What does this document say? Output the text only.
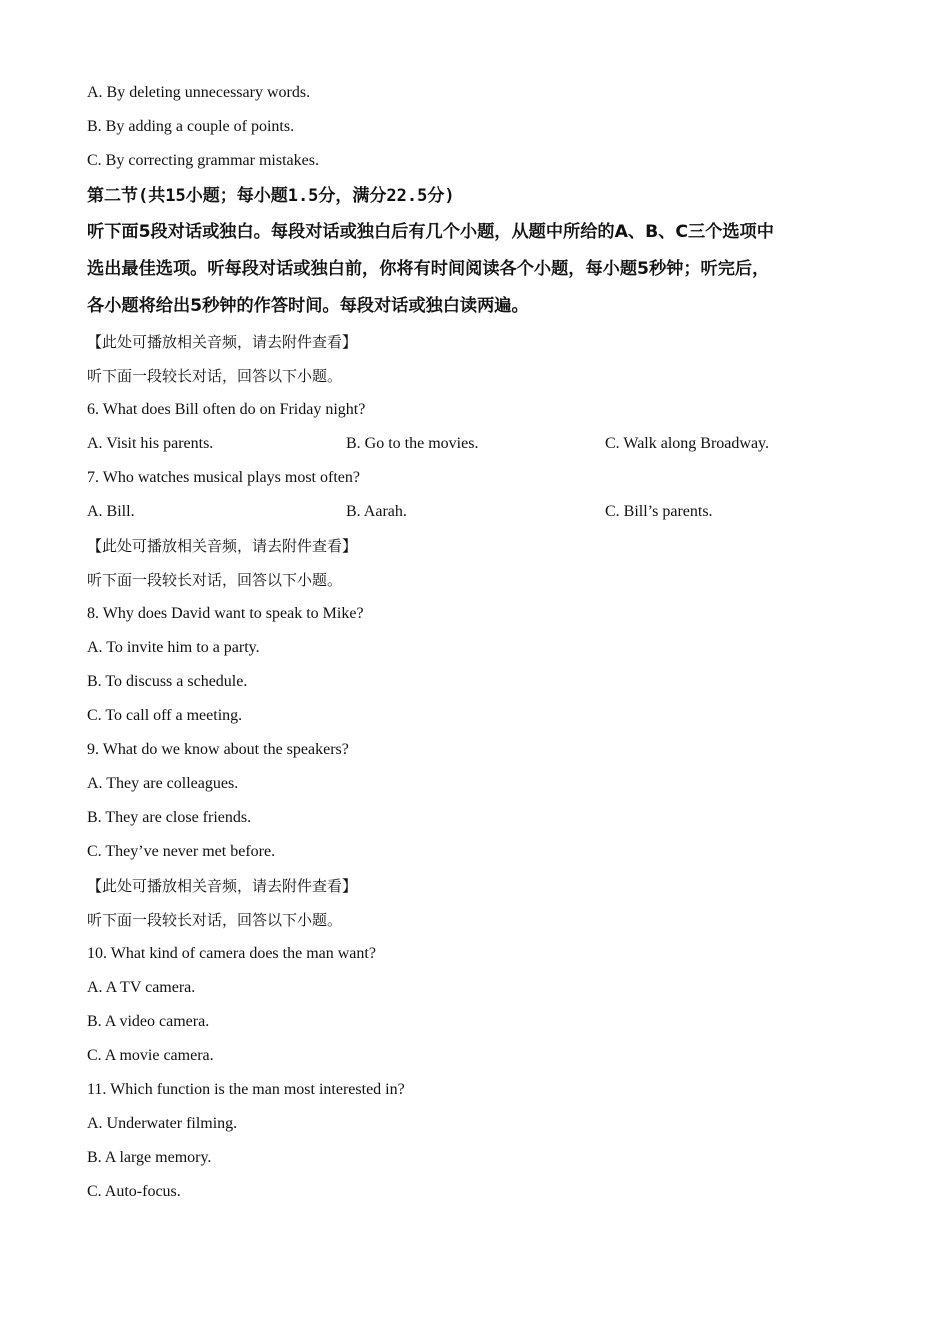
A. By deleting unnecessary words.
B. By adding a couple of points.
C. By correcting grammar mistakes.
第二节(共15小题；每小题1.5分，满分22.5分)
听下面5段对话或独白。每段对话或独白后有几个小题，从题中所给的A、B、C三个选项中
选出最佳选项。听每段对话或独白前，你将有时间阅读各个小题，每小题5秒钟；听完后，
各小题将给出5秒钟的作答时间。每段对话或独白读两遍。
【此处可播放相关音频，请去附件查看】
听下面一段较长对话，回答以下小题。
6. What does Bill often do on Friday night?
A. Visit his parents.	B. Go to the movies.	C. Walk along Broadway.
7. Who watches musical plays most often?
A. Bill.	B. Aarah.	C. Bill’s parents.
【此处可播放相关音频，请去附件查看】
听下面一段较长对话，回答以下小题。
8. Why does David want to speak to Mike?
A. To invite him to a party.
B. To discuss a schedule.
C. To call off a meeting.
9. What do we know about the speakers?
A. They are colleagues.
B. They are close friends.
C. They’ve never met before.
【此处可播放相关音频，请去附件查看】
听下面一段较长对话，回答以下小题。
10. What kind of camera does the man want?
A. A TV camera.
B. A video camera.
C. A movie camera.
11. Which function is the man most interested in?
A. Underwater filming.
B. A large memory.
C. Auto-focus.
